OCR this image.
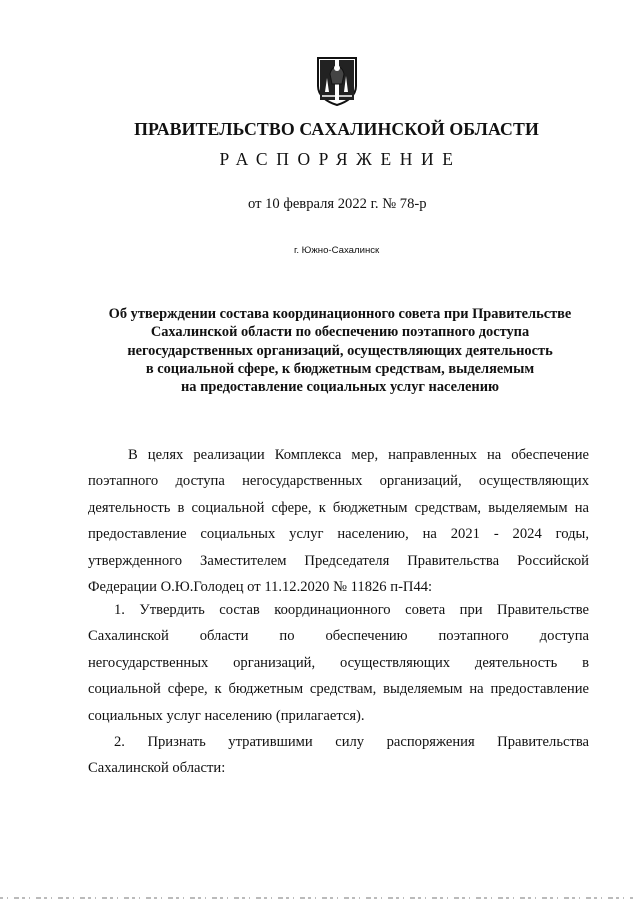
ПРАВИТЕЛЬСТВО САХАЛИНСКОЙ ОБЛАСТИ
РАСПОРЯЖЕНИЕ
от 10 февраля 2022 г. № 78-р
г. Южно-Сахалинск
Об утверждении состава координационного совета при Правительстве
Сахалинской области по обеспечению поэтапного доступа
негосударственных организаций, осуществляющих деятельность
в социальной сфере, к бюджетным средствам, выделяемым
на предоставление социальных услуг населению
В целях реализации Комплекса мер, направленных на обеспечение
поэтапного доступа негосударственных организаций, осуществляющих
деятельность в социальной сфере, к бюджетным средствам, выделяемым на
предоставление социальных услуг населению, на 2021 - 2024 годы,
утвержденного Заместителем Председателя Правительства Российской
Федерации О.Ю.Голодец от 11.12.2020 № 11826 п-П44:
1. Утвердить состав координационного совета при Правительстве
Сахалинской области по обеспечению поэтапного доступа
негосударственных организаций, осуществляющих деятельность в
социальной сфере, к бюджетным средствам, выделяемым на предоставление
социальных услуг населению (прилагается).
2. Признать утратившими силу распоряжения Правительства
Сахалинской области:
